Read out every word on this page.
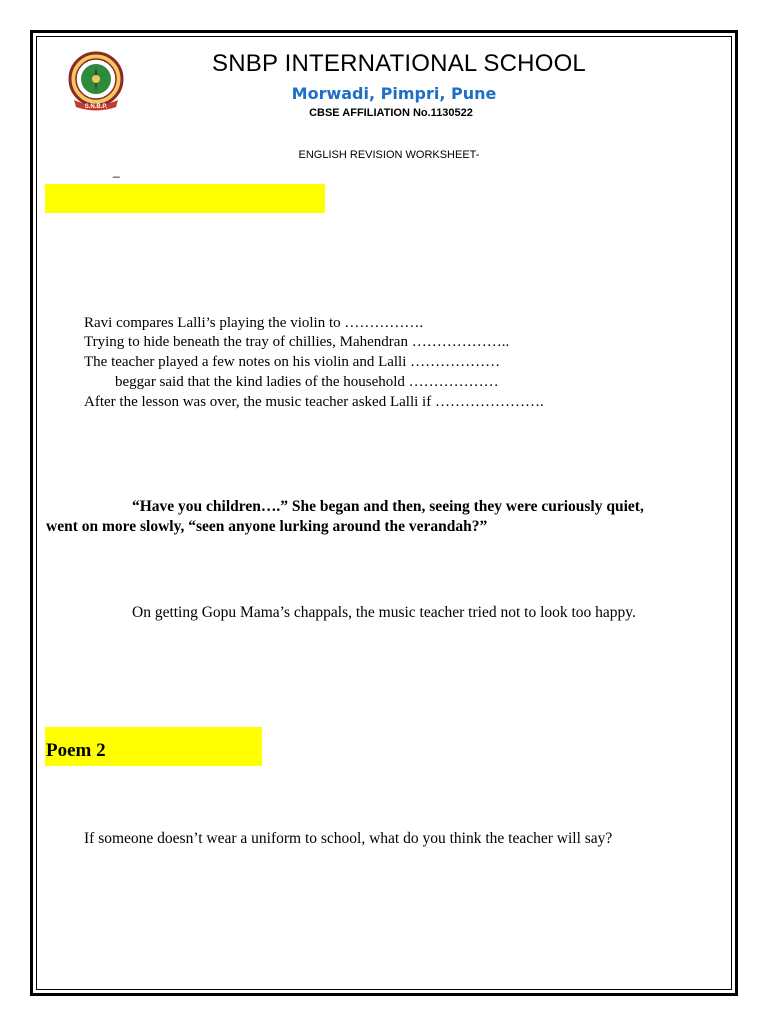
S.N.B.P.
SNBP INTERNATIONAL SCHOOL
Morwadi, Pimpri, Pune
CBSE AFFILIATION No.1130522
ENGLISH REVISION WORKSHEET-
_
Ravi compares Lalli’s playing the violin to …………….
Trying to hide beneath the tray of chillies, Mahendran ………………..
The teacher played a few notes on his violin and Lalli ………………
beggar said that the kind ladies of the household ………………
After the lesson was over, the music teacher asked Lalli if ………………….
“Have you children….” She began and then, seeing they were curiously quiet,
went on more slowly, “seen anyone lurking around the verandah?”
On getting Gopu Mama’s chappals, the music teacher tried not to look too happy.
Poem 2
If someone doesn’t wear a uniform to school, what do you think the teacher will say?
